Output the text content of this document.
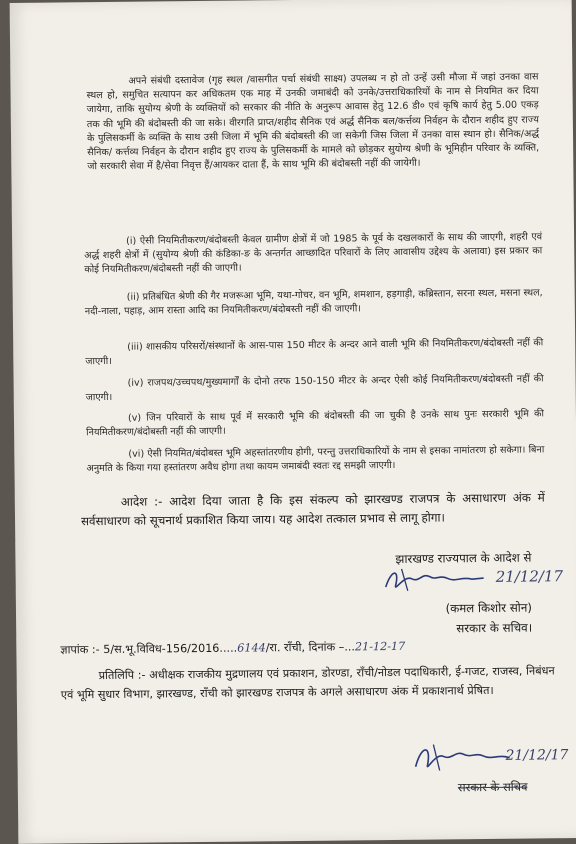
अपने संबंधी दस्तावेज (गृह स्थल /वासगीत पर्चा संबंधी साक्ष्य) उपलब्ध न हो तो उन्हें उसी मौजा में जहां उनका वास स्थल हो, समुचित सत्यापन कर अधिकतम एक माह में उनकी जमाबंदी को उनके/उत्तराधिकारियों के नाम से नियमित कर दिया जायेगा, ताकि सुयोग्य श्रेणी के व्यक्तियों को सरकार की नीति के अनुरूप आवास हेतु 12.6 डी० एवं कृषि कार्य हेतु 5.00 एकड़ तक की भूमि की बंदोबस्ती की जा सके। वीरगति प्राप्त/शहीद सैनिक एवं अर्द्ध सैनिक बल/कर्त्तव्य निर्वहन के दौरान शहीद हुए राज्य के पुलिसकर्मी के व्यक्ति के साथ उसी जिला में भूमि की बंदोबस्ती की जा सकेगी जिस जिला में उनका वास स्थान हो। सैनिक/अर्द्ध सैनिक/ कर्त्तव्य निर्वहन के दौरान शहीद हुए राज्य के पुलिसकर्मी के मामले को छोड़कर सुयोग्य श्रेणी के भूमिहीन परिवार के व्यक्ति, जो सरकारी सेवा में है/सेवा निवृत्त हैं/आयकर दाता हैं, के साथ भूमि की बंदोबस्ती नहीं की जायेगी।
(i) ऐसी नियमितीकरण/बंदोबस्ती केवल ग्रामीण क्षेत्रों में जो 1985 के पूर्व के दखलकारों के साथ की जाएगी, शहरी एवं अर्द्ध शहरी क्षेत्रों में (सुयोग्य श्रेणी की कंडिका-ङ के अन्तर्गत आच्छादित परिवारों के लिए आवासीय उद्देश्य के अलावा) इस प्रकार का कोई नियमितीकरण/बंदोबस्ती नहीं की जाएगी।
(ii) प्रतिबंधित श्रेणी की गैर मजरूआ भूमि, यथा-गोचर, वन भूमि, शमशान, हड़गाड़ी, कब्रिस्तान, सरना स्थल, मसना स्थल, नदी-नाला, पहाड़, आम रास्ता आदि का नियमितीकरण/बंदोबस्ती नहीं की जाएगी।
(iii) शासकीय परिसरों/संस्थानों के आस-पास 150 मीटर के अन्दर आने वाली भूमि की नियमितीकरण/बंदोबस्ती नहीं की जाएगी।
(iv) राजपथ/उच्चपथ/मुख्यमार्गों के दोनो तरफ 150-150 मीटर के अन्दर ऐसी कोई नियमितीकरण/बंदोबस्ती नहीं की जाएगी।
(v) जिन परिवारों के साथ पूर्व में सरकारी भूमि की बंदोबस्ती की जा चुकी है उनके साथ पुनः सरकारी भूमि की नियमितीकरण/बंदोबस्ती नहीं की जाएगी।
(vi) ऐसी नियमित/बंदोबस्त भूमि अहस्तांतरणीय होगी, परन्तु उत्तराधिकारियों के नाम से इसका नामांतरण हो सकेगा। बिना अनुमति के किया गया हस्तांतरण अवैध होगा तथा कायम जमाबंदी स्वतः रद्द समझी जाएगी।
आदेश :- आदेश दिया जाता है कि इस संकल्प को झारखण्ड राजपत्र के असाधारण अंक में सर्वसाधारण को सूचनार्थ प्रकाशित किया जाय। यह आदेश तत्काल प्रभाव से लागू होगा।
झारखण्ड राज्यपाल के आदेश से
21/12/17
(कमल किशोर सोन)
सरकार के सचिव।
ज्ञापांक :- 5/स.भू.विविध-156/2016.....6144/रा. राँची, दिनांक –...21-12-17
प्रतिलिपि :- अधीक्षक राजकीय मुद्रणालय एवं प्रकाशन, डोरण्डा, राँची/नोडल पदाधिकारी, ई-गजट, राजस्व, निबंधन एवं भूमि सुधार विभाग, झारखण्ड, राँची को झारखण्ड राजपत्र के अगले असाधारण अंक में प्रकाशनार्थ प्रेषित।
21/12/17
सरकार के सचिव
